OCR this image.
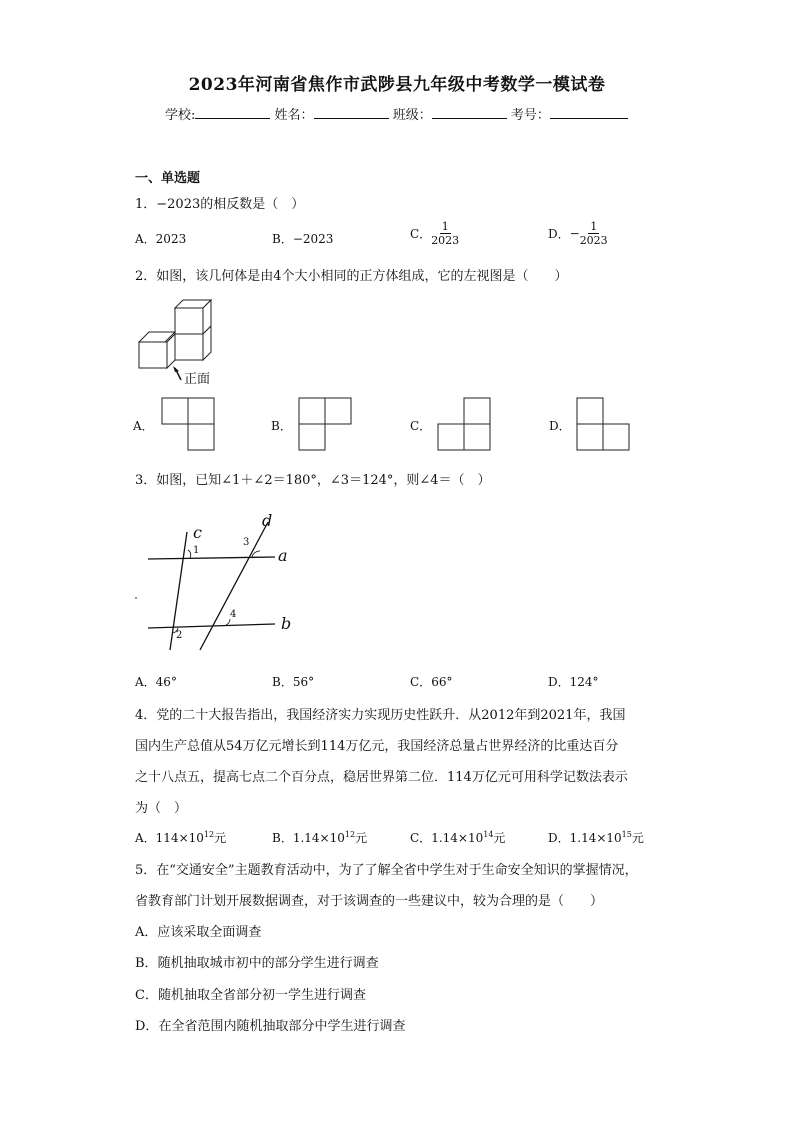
2023年河南省焦作市武陟县九年级中考数学一模试卷
学校:	姓名：	班级：	考号：
一、单选题
1．−2023的相反数是（　）
A．2023	B．−2023	C． $\frac{1}{2023}$	D．− $\frac{1}{2023}$
2．如图，该几何体是由4个大小相同的正方体组成，它的左视图是（　　）
正面
A．	B．	C．	D．
3．如图，已知∠1＋∠2＝180°，∠3＝124°，则∠4＝（　）
c
d
a
b
1
2
3
4
A．46°	B．56°	C．66°	D．124°
4．党的二十大报告指出，我国经济实力实现历史性跃升．从2012年到2021年，我国
国内生产总值从54万亿元增长到114万亿元，我国经济总量占世界经济的比重达百分
之十八点五，提高七点二个百分点，稳居世界第二位．114万亿元可用科学记数法表示
为（　）
A．$114\times 10^{12}$元	B．$1.14\times 10^{12}$元	C．$1.14\times 10^{14}$元	D．$1.14\times 10^{15}$元
5．在“交通安全”主题教育活动中，为了了解全省中学生对于生命安全知识的掌握情况，
省教育部门计划开展数据调查，对于该调查的一些建议中，较为合理的是（　　）
A．应该采取全面调查
B．随机抽取城市初中的部分学生进行调查
C．随机抽取全省部分初一学生进行调查
D．在全省范围内随机抽取部分中学生进行调查
